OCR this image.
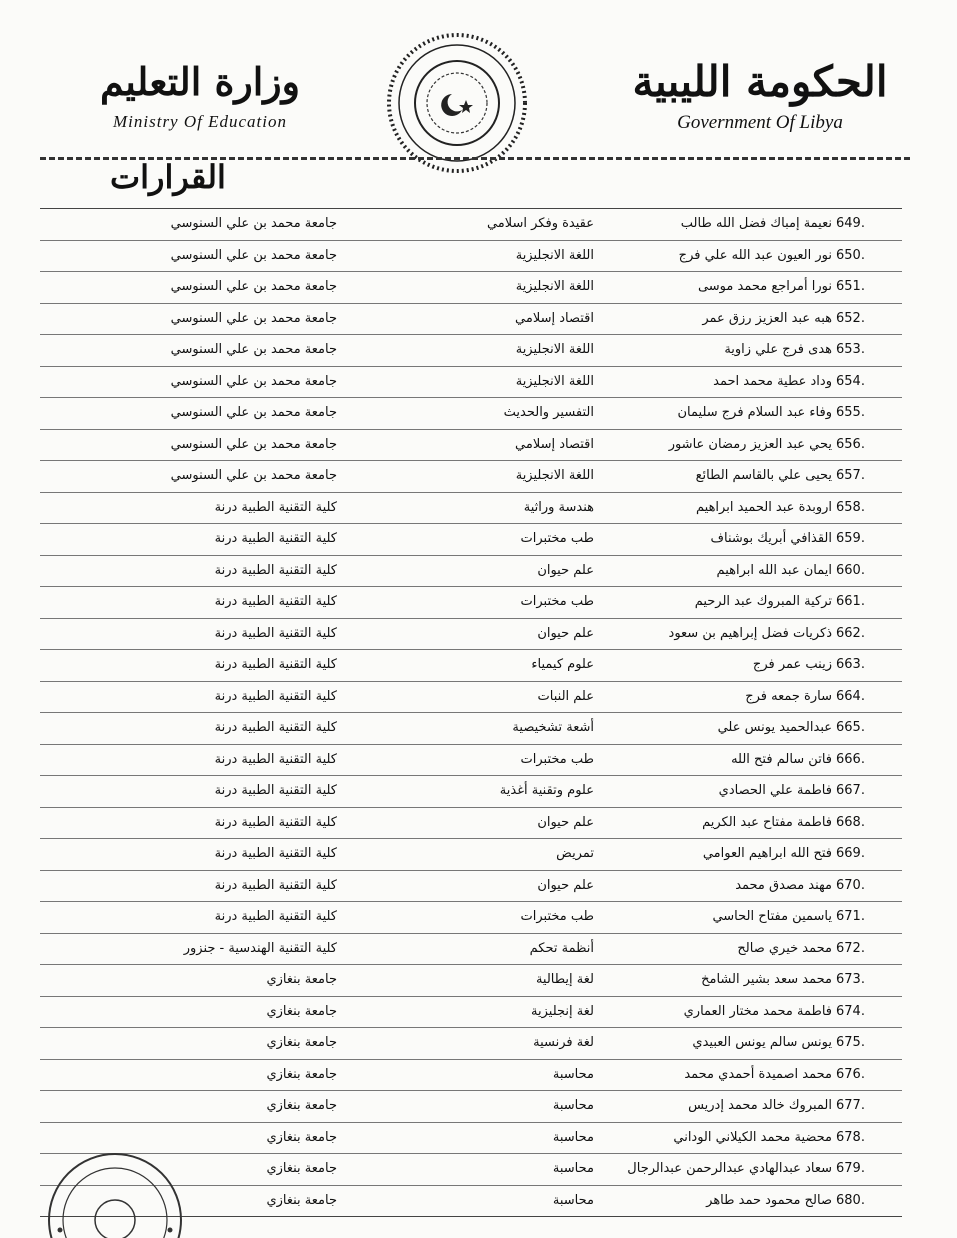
الحكومة الليبية
Government Of Libya
وزارة التعليم
Ministry Of Education
القرارات
649.
نعيمة إمباك فضل الله طالب
عقيدة وفكر اسلامي
جامعة محمد بن علي السنوسي
650.
نور العيون عبد الله علي فرج
اللغة الانجليزية
جامعة محمد بن علي السنوسي
651.
نورا أمراجع محمد موسى
اللغة الانجليزية
جامعة محمد بن علي السنوسي
652.
هبه عبد العزيز رزق عمر
اقتصاد إسلامي
جامعة محمد بن علي السنوسي
653.
هدى فرج علي زاوية
اللغة الانجليزية
جامعة محمد بن علي السنوسي
654.
وداد عطية محمد احمد
اللغة الانجليزية
جامعة محمد بن علي السنوسي
655.
وفاء عبد السلام فرج سليمان
التفسير والحديث
جامعة محمد بن علي السنوسي
656.
يحي عبد العزيز رمضان عاشور
اقتصاد إسلامي
جامعة محمد بن علي السنوسي
657.
يحيى علي بالقاسم الطائع
اللغة الانجليزية
جامعة محمد بن علي السنوسي
658.
اروبدة عبد الحميد ابراهيم
هندسة وراثية
كلية التقنية الطبية درنة
659.
القذافي أبريك بوشناف
طب مختبرات
كلية التقنية الطبية درنة
660.
ايمان عبد الله ابراهيم
علم حيوان
كلية التقنية الطبية درنة
661.
تركية المبروك عبد الرحيم
طب مختبرات
كلية التقنية الطبية درنة
662.
ذكريات فضل إبراهيم بن سعود
علم حيوان
كلية التقنية الطبية درنة
663.
زينب عمر فرج
علوم كيمياء
كلية التقنية الطبية درنة
664.
سارة جمعه فرج
علم النبات
كلية التقنية الطبية درنة
665.
عبدالحميد يونس علي
أشعة تشخيصية
كلية التقنية الطبية درنة
666.
فاتن سالم فتح الله
طب مختبرات
كلية التقنية الطبية درنة
667.
فاطمة علي الحصادي
علوم وتقنية أغذية
كلية التقنية الطبية درنة
668.
فاطمة مفتاح عبد الكريم
علم حيوان
كلية التقنية الطبية درنة
669.
فتح الله ابراهيم العوامي
تمريض
كلية التقنية الطبية درنة
670.
مهند مصدق محمد
علم حيوان
كلية التقنية الطبية درنة
671.
ياسمين مفتاح الحاسي
طب مختبرات
كلية التقنية الطبية درنة
672.
محمد خيري صالح
أنظمة تحكم
كلية التقنية الهندسية - جنزور
673.
محمد سعد بشير الشامخ
لغة إيطالية
جامعة بنغازي
674.
فاطمة محمد مختار العماري
لغة إنجليزية
جامعة بنغازي
675.
يونس سالم يونس العبيدي
لغة فرنسية
جامعة بنغازي
676.
محمد اصميدة أحمدي محمد
محاسبة
جامعة بنغازي
677.
المبروك خالد محمد إدريس
محاسبة
جامعة بنغازي
678.
محضية محمد الكيلاني الوداني
محاسبة
جامعة بنغازي
679.
سعاد عبدالهادي عبدالرحمن عبدالرجال
محاسبة
جامعة بنغازي
680.
صالح محمود حمد طاهر
محاسبة
جامعة بنغازي
